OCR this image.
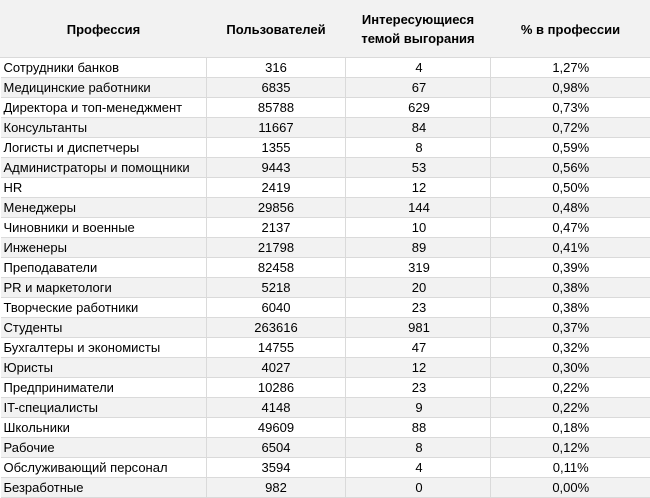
Профессия	Пользователей	Интересующиеся
темой выгорания	% в профессии
Сотрудники банков	316	4	1,27%
Медицинские работники	6835	67	0,98%
Директора и топ-менеджмент	85788	629	0,73%
Консультанты	11667	84	0,72%
Логисты и диспетчеры	1355	8	0,59%
Администраторы и помощники	9443	53	0,56%
HR	2419	12	0,50%
Менеджеры	29856	144	0,48%
Чиновники и военные	2137	10	0,47%
Инженеры	21798	89	0,41%
Преподаватели	82458	319	0,39%
PR и маркетологи	5218	20	0,38%
Творческие работники	6040	23	0,38%
Студенты	263616	981	0,37%
Бухгалтеры и экономисты	14755	47	0,32%
Юристы	4027	12	0,30%
Предприниматели	10286	23	0,22%
IT-специалисты	4148	9	0,22%
Школьники	49609	88	0,18%
Рабочие	6504	8	0,12%
Обслуживающий персонал	3594	4	0,11%
Безработные	982	0	0,00%
